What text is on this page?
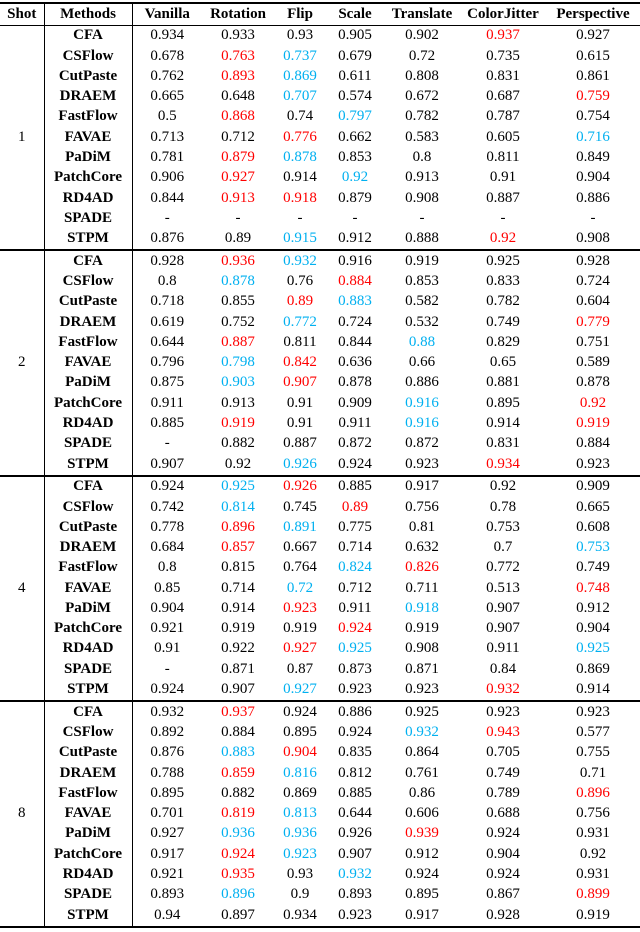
Shot	Methods	Vanilla	Rotation	Flip	Scale	Translate	ColorJitter	Perspective
1	CFA	0.934	0.933	0.93	0.905	0.902	0.937	0.927
	CSFlow	0.678	0.763	0.737	0.679	0.72	0.735	0.615
	CutPaste	0.762	0.893	0.869	0.611	0.808	0.831	0.861
	DRAEM	0.665	0.648	0.707	0.574	0.672	0.687	0.759
	FastFlow	0.5	0.868	0.74	0.797	0.782	0.787	0.754
	FAVAE	0.713	0.712	0.776	0.662	0.583	0.605	0.716
	PaDiM	0.781	0.879	0.878	0.853	0.8	0.811	0.849
	PatchCore	0.906	0.927	0.914	0.92	0.913	0.91	0.904
	RD4AD	0.844	0.913	0.918	0.879	0.908	0.887	0.886
	SPADE	-	-	-	-	-	-	-
	STPM	0.876	0.89	0.915	0.912	0.888	0.92	0.908
2	CFA	0.928	0.936	0.932	0.916	0.919	0.925	0.928
	CSFlow	0.8	0.878	0.76	0.884	0.853	0.833	0.724
	CutPaste	0.718	0.855	0.89	0.883	0.582	0.782	0.604
	DRAEM	0.619	0.752	0.772	0.724	0.532	0.749	0.779
	FastFlow	0.644	0.887	0.811	0.844	0.88	0.829	0.751
	FAVAE	0.796	0.798	0.842	0.636	0.66	0.65	0.589
	PaDiM	0.875	0.903	0.907	0.878	0.886	0.881	0.878
	PatchCore	0.911	0.913	0.91	0.909	0.916	0.895	0.92
	RD4AD	0.885	0.919	0.91	0.911	0.916	0.914	0.919
	SPADE	-	0.882	0.887	0.872	0.872	0.831	0.884
	STPM	0.907	0.92	0.926	0.924	0.923	0.934	0.923
4	CFA	0.924	0.925	0.926	0.885	0.917	0.92	0.909
	CSFlow	0.742	0.814	0.745	0.89	0.756	0.78	0.665
	CutPaste	0.778	0.896	0.891	0.775	0.81	0.753	0.608
	DRAEM	0.684	0.857	0.667	0.714	0.632	0.7	0.753
	FastFlow	0.8	0.815	0.764	0.824	0.826	0.772	0.749
	FAVAE	0.85	0.714	0.72	0.712	0.711	0.513	0.748
	PaDiM	0.904	0.914	0.923	0.911	0.918	0.907	0.912
	PatchCore	0.921	0.919	0.919	0.924	0.919	0.907	0.904
	RD4AD	0.91	0.922	0.927	0.925	0.908	0.911	0.925
	SPADE	-	0.871	0.87	0.873	0.871	0.84	0.869
	STPM	0.924	0.907	0.927	0.923	0.923	0.932	0.914
8	CFA	0.932	0.937	0.924	0.886	0.925	0.923	0.923
	CSFlow	0.892	0.884	0.895	0.924	0.932	0.943	0.577
	CutPaste	0.876	0.883	0.904	0.835	0.864	0.705	0.755
	DRAEM	0.788	0.859	0.816	0.812	0.761	0.749	0.71
	FastFlow	0.895	0.882	0.869	0.885	0.86	0.789	0.896
	FAVAE	0.701	0.819	0.813	0.644	0.606	0.688	0.756
	PaDiM	0.927	0.936	0.936	0.926	0.939	0.924	0.931
	PatchCore	0.917	0.924	0.923	0.907	0.912	0.904	0.92
	RD4AD	0.921	0.935	0.93	0.932	0.924	0.924	0.931
	SPADE	0.893	0.896	0.9	0.893	0.895	0.867	0.899
	STPM	0.94	0.897	0.934	0.923	0.917	0.928	0.919
